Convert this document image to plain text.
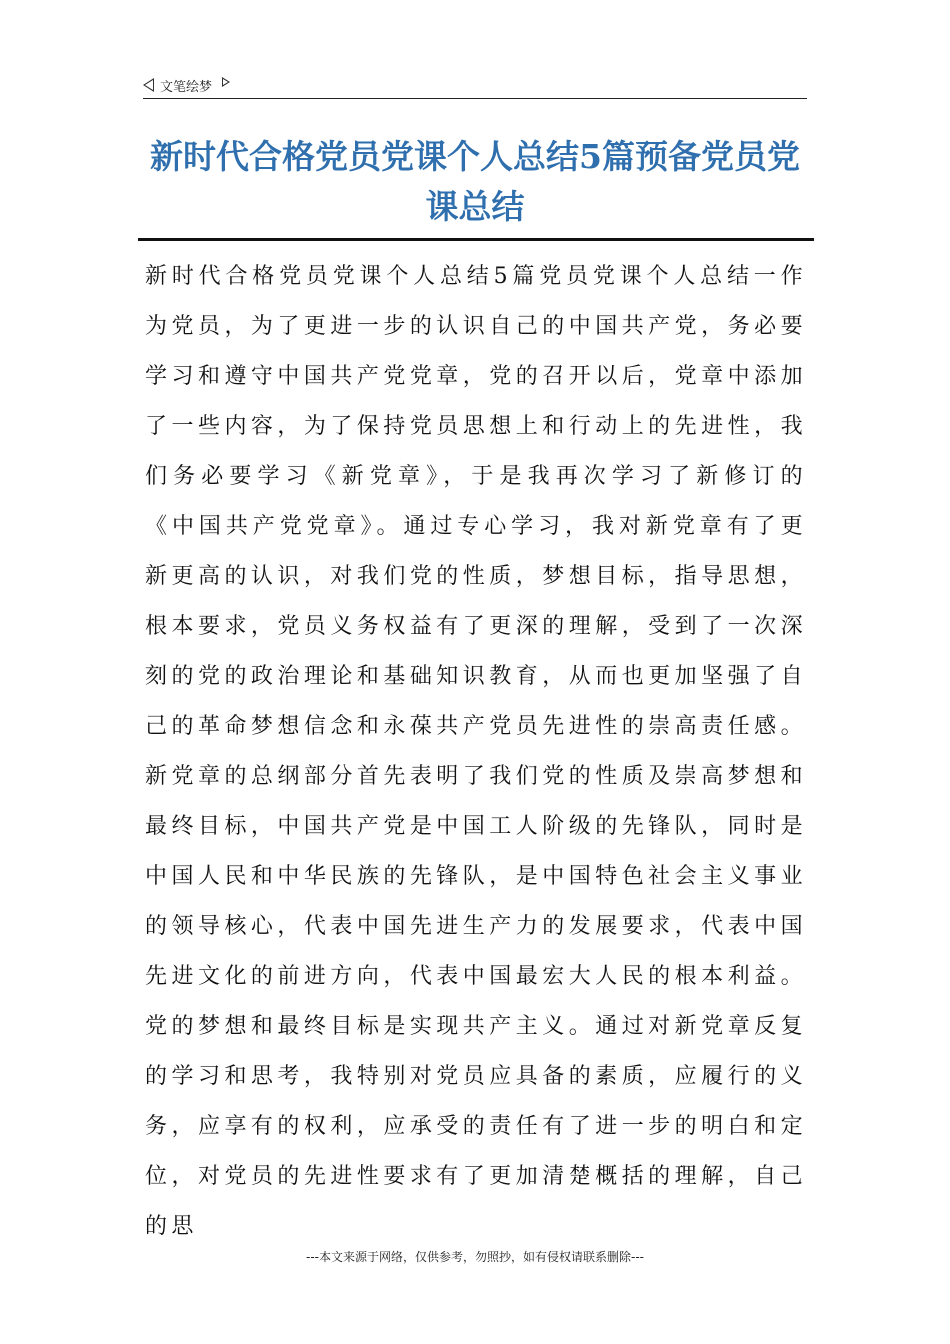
文笔绘梦
新时代合格党员党课个人总结5篇预备党员党课总结

新时代合格党员党课个人总结5篇党员党课个人总结一作为党员，为了更进一步的认识自己的中国共产党，务必要学习和遵守中国共产党党章，党的召开以后，党章中添加了一些内容，为了保持党员思想上和行动上的先进性，我们务必要学习《新党章》，于是我再次学习了新修订的《中国共产党党章》。通过专心学习，我对新党章有了更新更高的认识，对我们党的性质，梦想目标，指导思想，根本要求，党员义务权益有了更深的理解，受到了一次深刻的党的政治理论和基础知识教育，从而也更加坚强了自己的革命梦想信念和永葆共产党员先进性的崇高责任感。新党章的总纲部分首先表明了我们党的性质及崇高梦想和最终目标，中国共产党是中国工人阶级的先锋队，同时是中国人民和中华民族的先锋队，是中国特色社会主义事业的领导核心，代表中国先进生产力的发展要求，代表中国先进文化的前进方向，代表中国最宏大人民的根本利益。党的梦想和最终目标是实现共产主义。通过对新党章反复的学习和思考，我特别对党员应具备的素质，应履行的义务，应享有的权利，应承受的责任有了进一步的明白和定位，对党员的先进性要求有了更加清楚概括的理解，自己的思

---本文来源于网络，仅供参考，勿照抄，如有侵权请联系删除---
